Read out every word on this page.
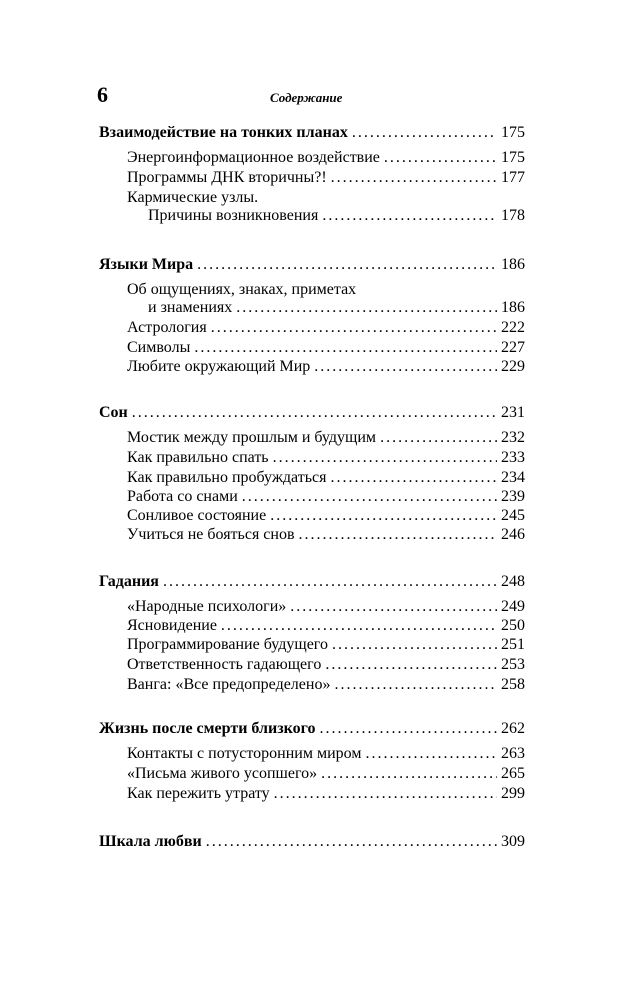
6	Содержание
Взаимодействие на тонких планах . . .	175
Энергоинформационное воздействие . . .	175
Программы ДНК вторичны?! . . .	177
Кармические узлы.
Причины возникновения . . .	178
Языки Мира . . .	186
Об ощущениях, знаках, приметах
и знамениях . . .	186
Астрология . . .	222
Символы . . .	227
Любите окружающий Мир . . .	229
Сон . . .	231
Мостик между прошлым и будущим . . .	232
Как правильно спать . . .	233
Как правильно пробуждаться . . .	234
Работа со снами . . .	239
Сонливое состояние . . .	245
Учиться не бояться снов . . .	246
Гадания . . .	248
«Народные психологи» . . .	249
Ясновидение . . .	250
Программирование будущего . . .	251
Ответственность гадающего . . .	253
Ванга: «Все предопределено» . . .	258
Жизнь после смерти близкого . . .	262
Контакты с потусторонним миром . . .	263
«Письма живого усопшего» . . .	265
Как пережить утрату . . .	299
Шкала любви . . .	309
